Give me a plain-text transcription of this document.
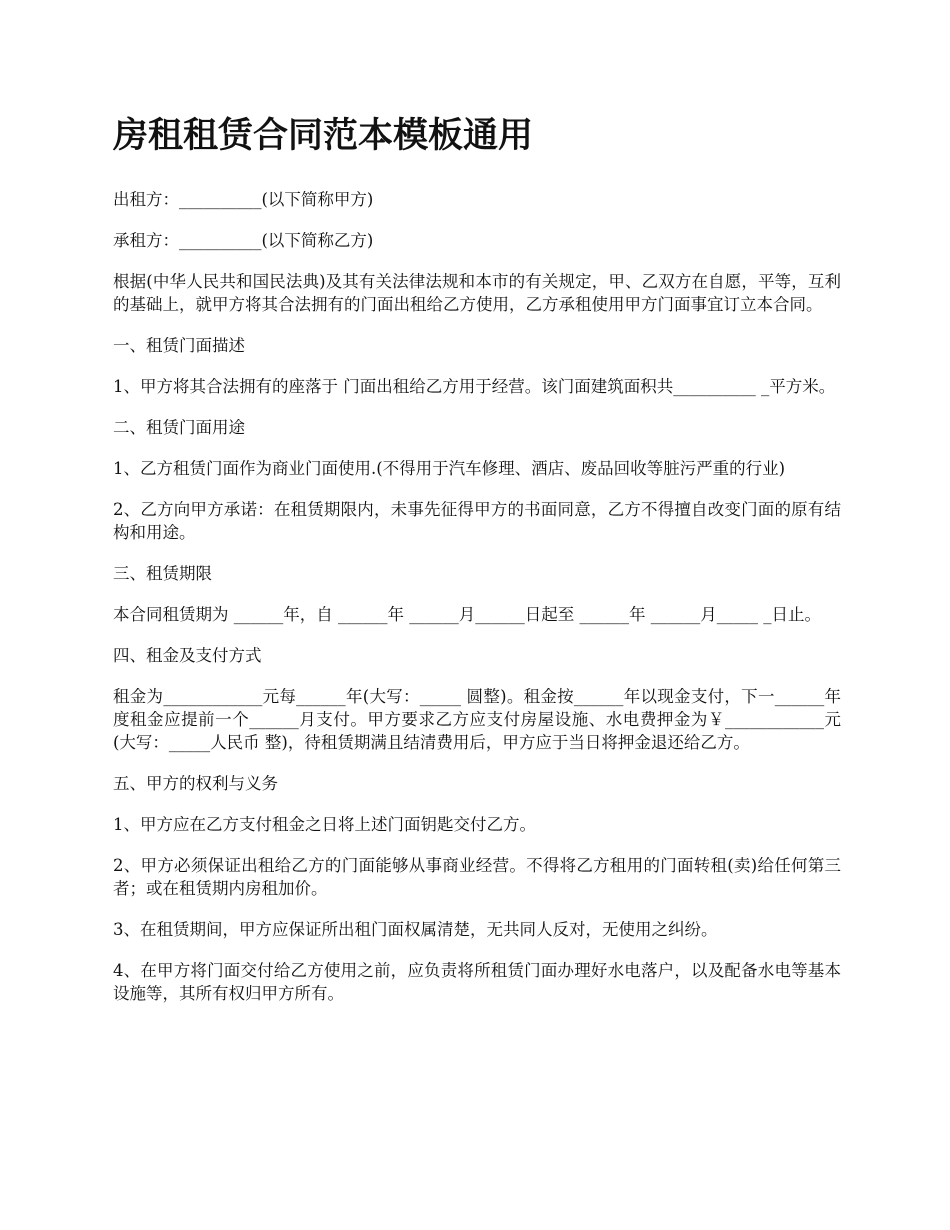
房租租赁合同范本模板通用

出租方：__________(以下简称甲方)

承租方：__________(以下简称乙方)

根据(中华人民共和国民法典)及其有关法律法规和本市的有关规定，甲、乙双方在自愿，平等，互利的基础上，就甲方将其合法拥有的门面出租给乙方使用，乙方承租使用甲方门面事宜订立本合同。

一、租赁门面描述

1、甲方将其合法拥有的座落于 门面出租给乙方用于经营。该门面建筑面积共__________ _平方米。

二、租赁门面用途

1、乙方租赁门面作为商业门面使用.(不得用于汽车修理、酒店、废品回收等脏污严重的行业)

2、乙方向甲方承诺：在租赁期限内，未事先征得甲方的书面同意，乙方不得擅自改变门面的原有结构和用途。

三、租赁期限

本合同租赁期为 ______年，自 ______年 ______月______日起至 ______年 ______月_____ _日止。

四、租金及支付方式

租金为____________元每______年(大写：_____ 圆整)。租金按______年以现金支付，下一______年度租金应提前一个______月支付。甲方要求乙方应支付房屋设施、水电费押金为￥____________元(大写：_____人民币 整)，待租赁期满且结清费用后，甲方应于当日将押金退还给乙方。

五、甲方的权利与义务

1、甲方应在乙方支付租金之日将上述门面钥匙交付乙方。

2、甲方必须保证出租给乙方的门面能够从事商业经营。不得将乙方租用的门面转租(卖)给任何第三者；或在租赁期内房租加价。

3、在租赁期间，甲方应保证所出租门面权属清楚，无共同人反对，无使用之纠纷。

4、在甲方将门面交付给乙方使用之前，应负责将所租赁门面办理好水电落户，以及配备水电等基本设施等，其所有权归甲方所有。
